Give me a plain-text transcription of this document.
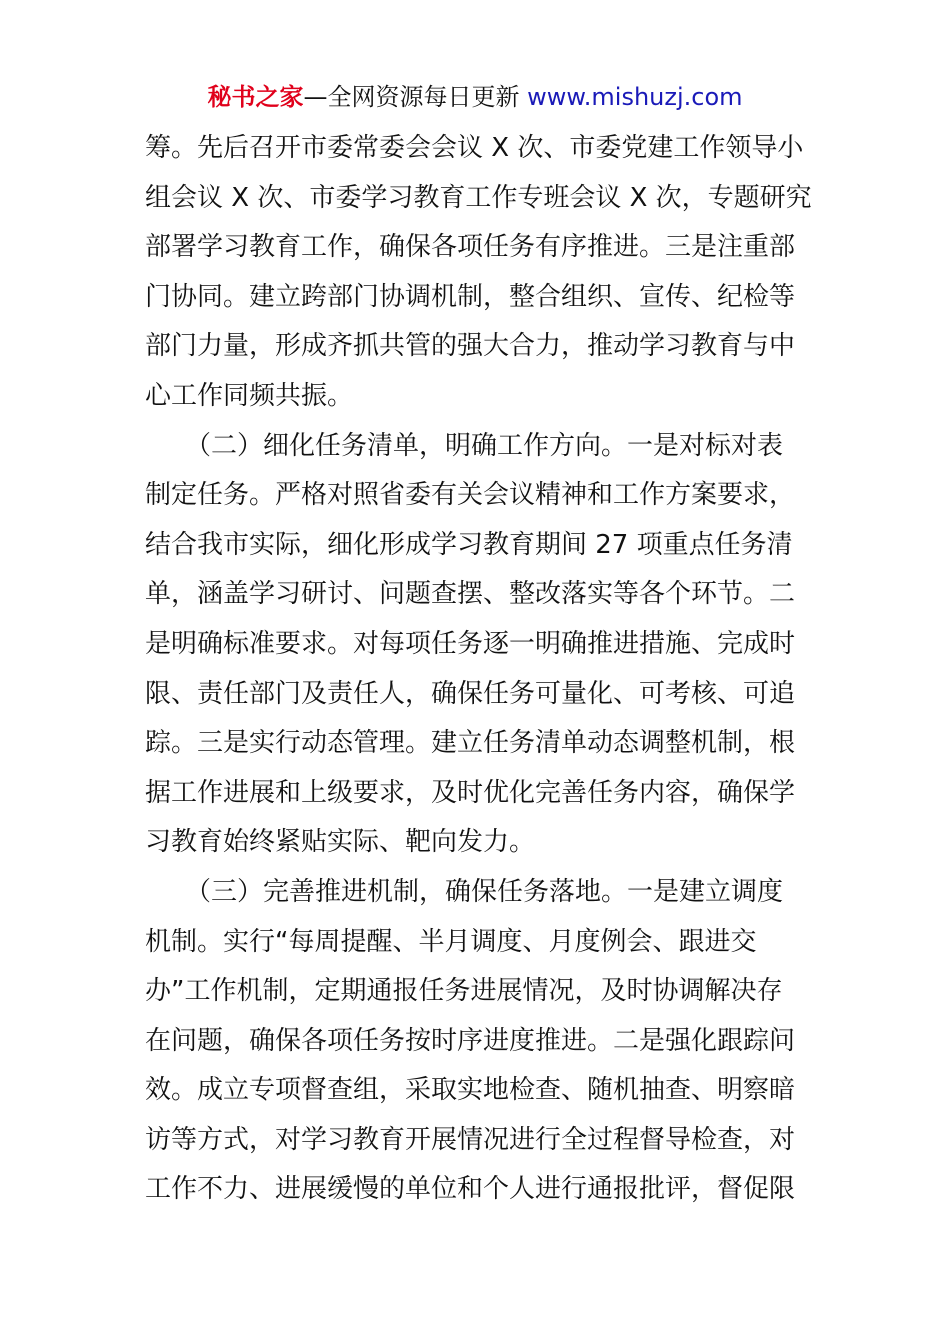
秘书之家—全网资源每日更新 www.mishuzj.com
筹。先后召开市委常委会会议 X 次、市委党建工作领导小
组会议 X 次、市委学习教育工作专班会议 X 次，专题研究
部署学习教育工作，确保各项任务有序推进。三是注重部
门协同。建立跨部门协调机制，整合组织、宣传、纪检等
部门力量，形成齐抓共管的强大合力，推动学习教育与中
心工作同频共振。
（二）细化任务清单，明确工作方向。一是对标对表
制定任务。严格对照省委有关会议精神和工作方案要求，
结合我市实际，细化形成学习教育期间 27 项重点任务清
单，涵盖学习研讨、问题查摆、整改落实等各个环节。二
是明确标准要求。对每项任务逐一明确推进措施、完成时
限、责任部门及责任人，确保任务可量化、可考核、可追
踪。三是实行动态管理。建立任务清单动态调整机制，根
据工作进展和上级要求，及时优化完善任务内容，确保学
习教育始终紧贴实际、靶向发力。
（三）完善推进机制，确保任务落地。一是建立调度
机制。实行“每周提醒、半月调度、月度例会、跟进交
办”工作机制，定期通报任务进展情况，及时协调解决存
在问题，确保各项任务按时序进度推进。二是强化跟踪问
效。成立专项督查组，采取实地检查、随机抽查、明察暗
访等方式，对学习教育开展情况进行全过程督导检查，对
工作不力、进展缓慢的单位和个人进行通报批评，督促限
